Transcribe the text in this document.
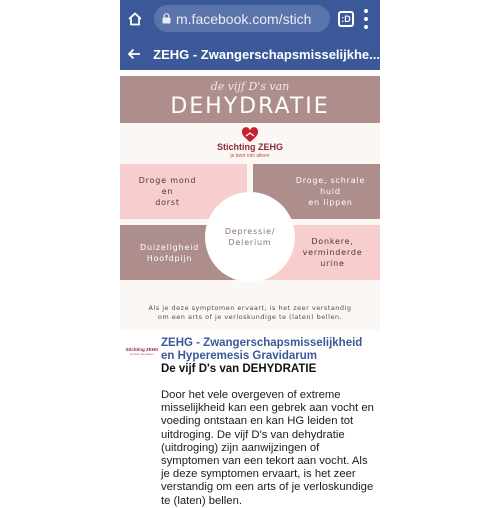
m.facebook.com/stich	:D
ZEHG - Zwangerschapsmisselijkhe...
de vijf D's van
DEHYDRATIE
Stichting ZEHG
je bent niet alleen
Droge mond
en
dorst
Droge, schrale
huid
en lippen
Duizeligheid
Hoofdpijn
Donkere,
verminderde
urine
Depressie/
Delerium
Als je deze symptomen ervaart, is het zeer verstandig
om een arts of je verloskundige te (laten) bellen.
Stichting ZEHG
je bent niet alleen
ZEHG - Zwangerschapsmisselijkheid en Hyperemesis Gravidarum
De vijf D's van DEHYDRATIE
Door het vele overgeven of extreme misselijkheid kan een gebrek aan vocht en voeding ontstaan en kan HG leiden tot uitdroging. De vijf D's van dehydratie (uitdroging) zijn aanwijzingen of symptomen van een tekort aan vocht. Als je deze symptomen ervaart, is het zeer verstandig om een arts of je verloskundige te (laten) bellen.
